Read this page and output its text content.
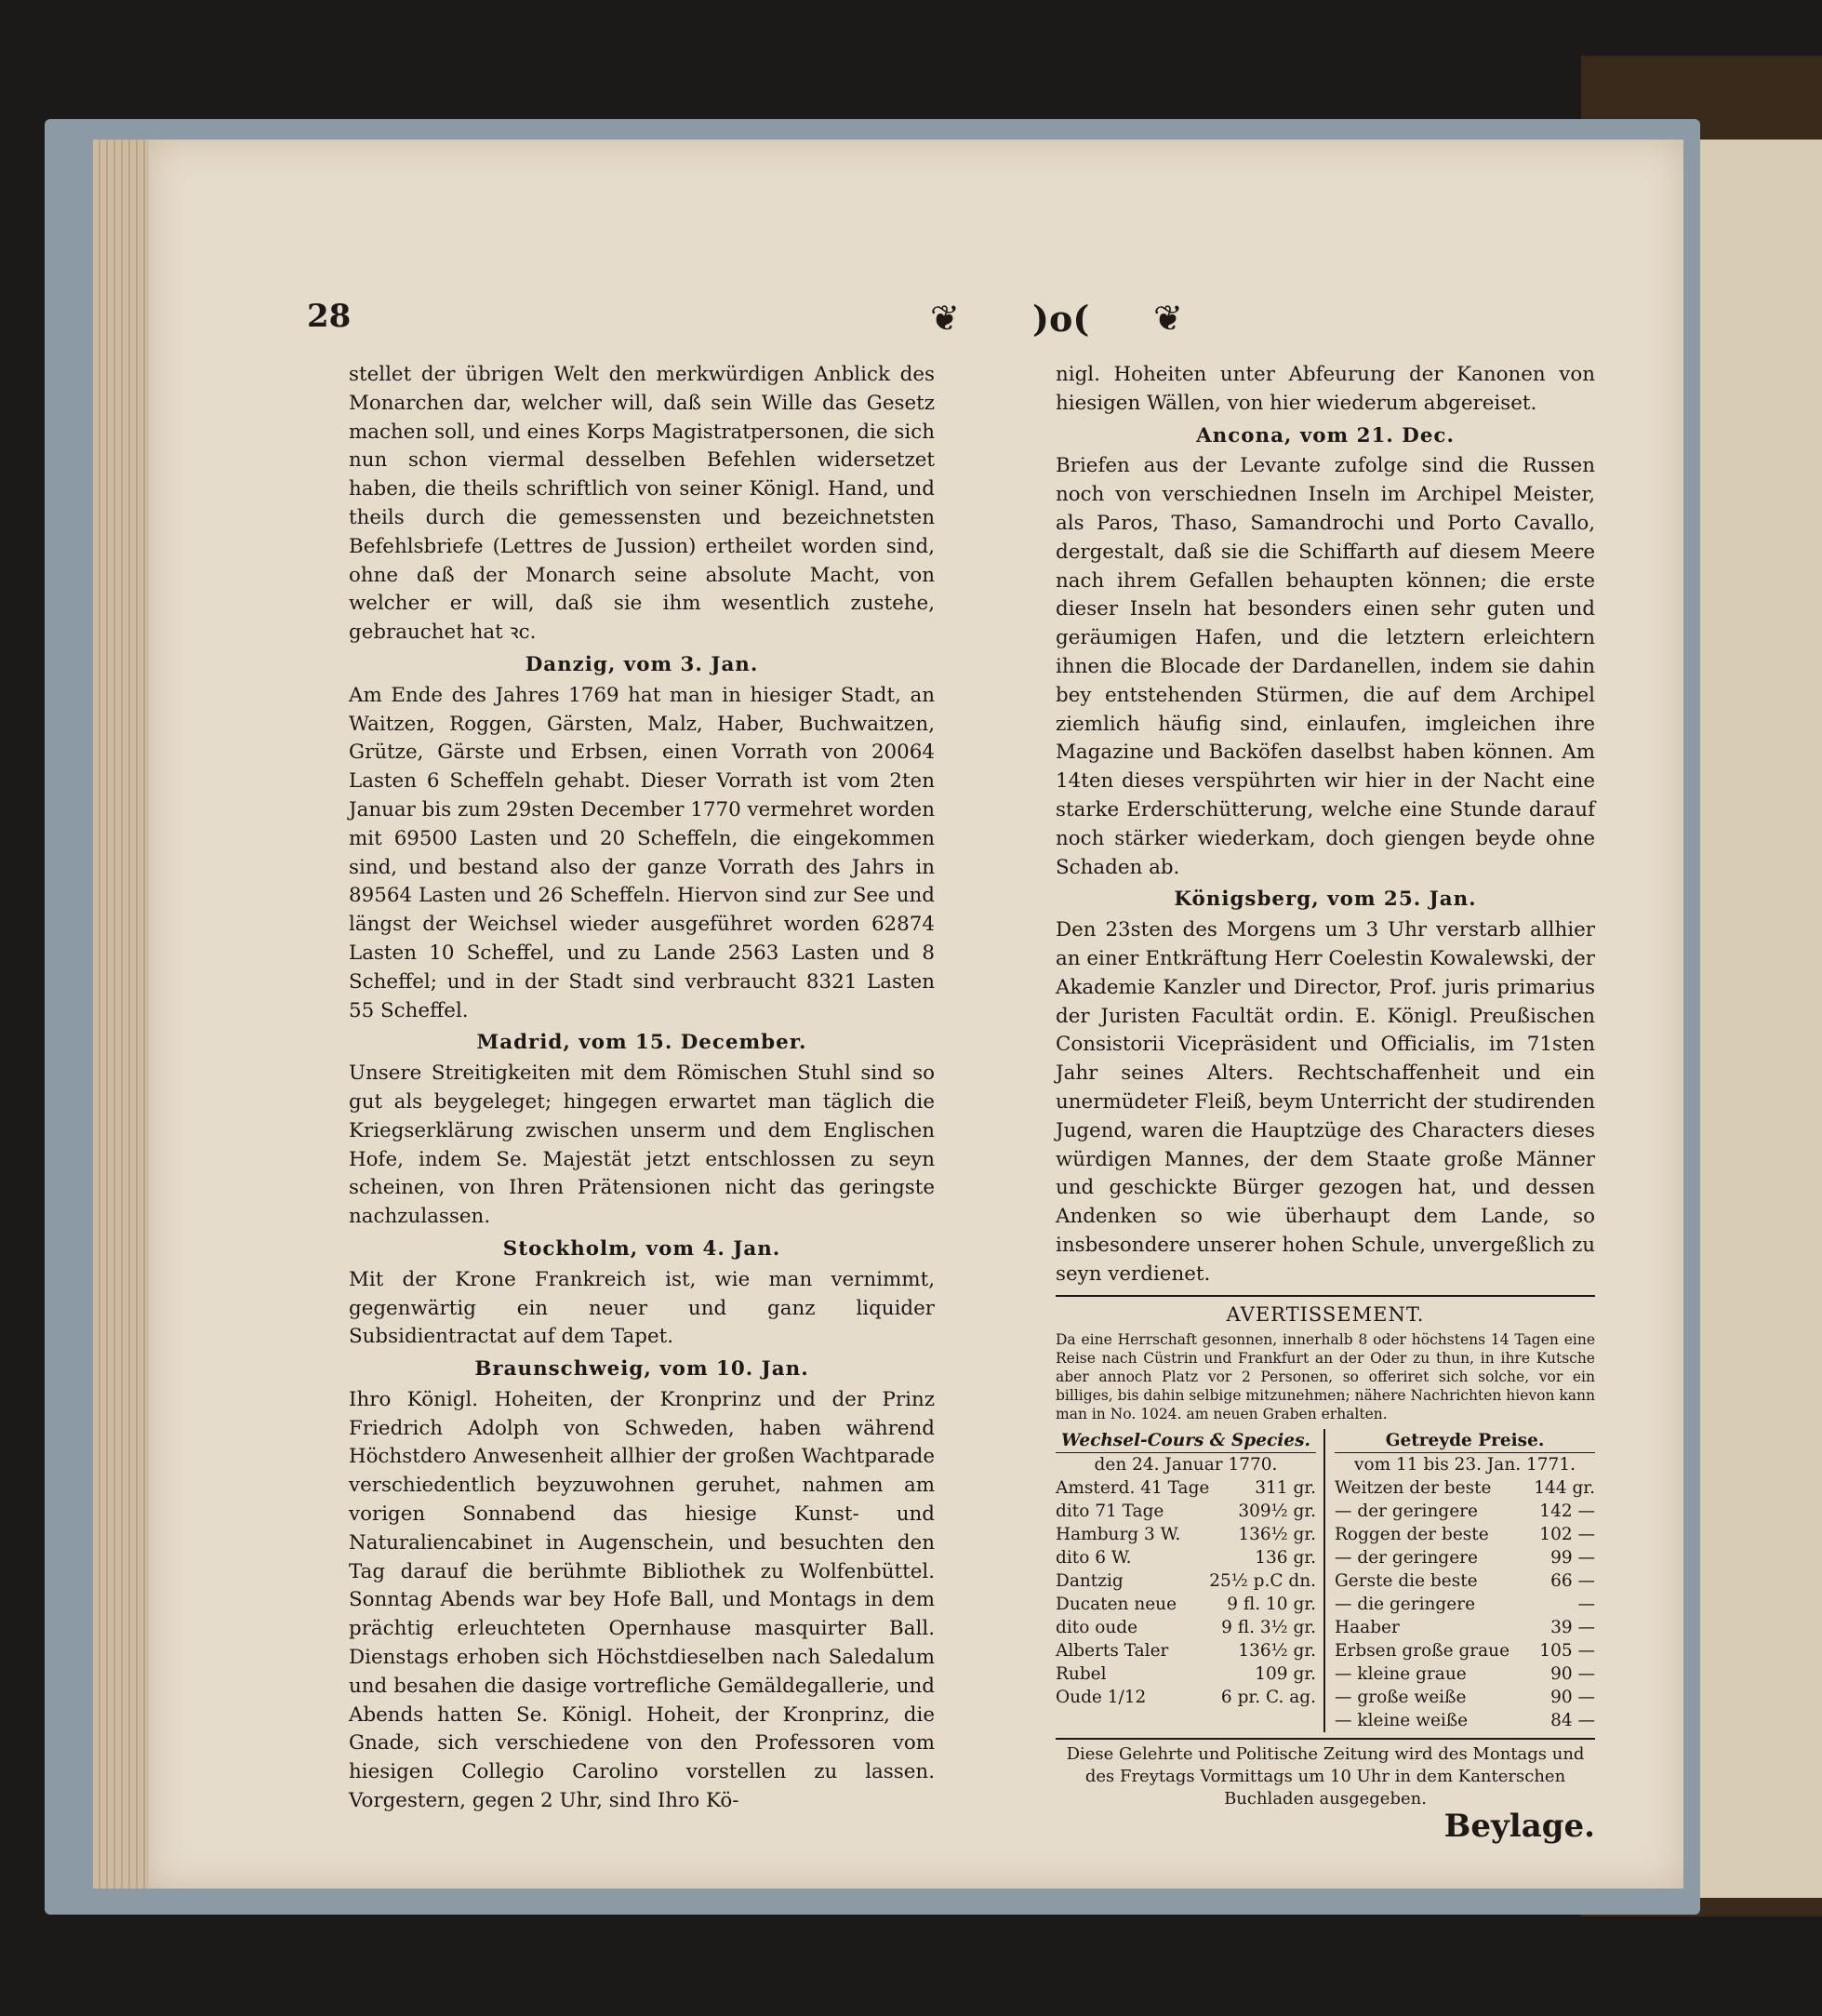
28	❦ )o( ❦

stellet der übrigen Welt den merkwürdigen Anblick des Monarchen dar, welcher will, daß sein Wille das Gesetz machen soll, und eines Korps Magistratpersonen, die sich nun schon viermal desselben Befehlen widersetzet haben, die theils schriftlich von seiner Königl. Hand, und theils durch die gemessensten und bezeichnetsten Befehlsbriefe (Lettres de Jussion) ertheilet worden sind, ohne daß der Monarch seine absolute Macht, von welcher er will, daß sie ihm wesentlich zustehe, gebrauchet hat ꝛc.

Danzig, vom 3. Jan.

Am Ende des Jahres 1769 hat man in hiesiger Stadt, an Waitzen, Roggen, Gärsten, Malz, Haber, Buchwaitzen, Grütze, Gärste und Erbsen, einen Vorrath von 20064 Lasten 6 Scheffeln gehabt. Dieser Vorrath ist vom 2ten Januar bis zum 29sten December 1770 vermehret worden mit 69500 Lasten und 20 Scheffeln, die eingekommen sind, und bestand also der ganze Vorrath des Jahrs in 89564 Lasten und 26 Scheffeln. Hiervon sind zur See und längst der Weichsel wieder ausgeführet worden 62874 Lasten 10 Scheffel, und zu Lande 2563 Lasten und 8 Scheffel; und in der Stadt sind verbraucht 8321 Lasten 55 Scheffel.

Madrid, vom 15. December.

Unsere Streitigkeiten mit dem Römischen Stuhl sind so gut als beygeleget; hingegen erwartet man täglich die Kriegserklärung zwischen unserm und dem Englischen Hofe, indem Se. Majestät jetzt entschlossen zu seyn scheinen, von Ihren Prätensionen nicht das geringste nachzulassen.

Stockholm, vom 4. Jan.

Mit der Krone Frankreich ist, wie man vernimmt, gegenwärtig ein neuer und ganz liquider Subsidientractat auf dem Tapet.

Braunschweig, vom 10. Jan.

Ihro Königl. Hoheiten, der Kronprinz und der Prinz Friedrich Adolph von Schweden, haben während Höchstdero Anwesenheit allhier der großen Wachtparade verschiedentlich beyzuwohnen geruhet, nahmen am vorigen Sonnabend das hiesige Kunst- und Naturaliencabinet in Augenschein, und besuchten den Tag darauf die berühmte Bibliothek zu Wolfenbüttel. Sonntag Abends war bey Hofe Ball, und Montags in dem prächtig erleuchteten Opernhause masquirter Ball. Dienstags erhoben sich Höchstdieselben nach Saledalum und besahen die dasige vortrefliche Gemäldegallerie, und Abends hatten Se. Königl. Hoheit, der Kronprinz, die Gnade, sich verschiedene von den Professoren vom hiesigen Collegio Carolino vorstellen zu lassen. Vorgestern, gegen 2 Uhr, sind Ihro Kö-

nigl. Hoheiten unter Abfeurung der Kanonen von hiesigen Wällen, von hier wiederum abgereiset.

Ancona, vom 21. Dec.

Briefen aus der Levante zufolge sind die Russen noch von verschiednen Inseln im Archipel Meister, als Paros, Thaso, Samandrochi und Porto Cavallo, dergestalt, daß sie die Schiffarth auf diesem Meere nach ihrem Gefallen behaupten können; die erste dieser Inseln hat besonders einen sehr guten und geräumigen Hafen, und die letztern erleichtern ihnen die Blocade der Dardanellen, indem sie dahin bey entstehenden Stürmen, die auf dem Archipel ziemlich häufig sind, einlaufen, imgleichen ihre Magazine und Backöfen daselbst haben können. Am 14ten dieses verspührten wir hier in der Nacht eine starke Erderschütterung, welche eine Stunde darauf noch stärker wiederkam, doch giengen beyde ohne Schaden ab.

Königsberg, vom 25. Jan.

Den 23sten des Morgens um 3 Uhr verstarb allhier an einer Entkräftung Herr Coelestin Kowalewski, der Akademie Kanzler und Director, Prof. juris primarius der Juristen Facultät ordin. E. Königl. Preußischen Consistorii Vicepräsident und Officialis, im 71sten Jahr seines Alters. Rechtschaffenheit und ein unermüdeter Fleiß, beym Unterricht der studirenden Jugend, waren die Hauptzüge des Characters dieses würdigen Mannes, der dem Staate große Männer und geschickte Bürger gezogen hat, und dessen Andenken so wie überhaupt dem Lande, so insbesondere unserer hohen Schule, unvergeßlich zu seyn verdienet.

AVERTISSEMENT.

Da eine Herrschaft gesonnen, innerhalb 8 oder höchstens 14 Tagen eine Reise nach Cüstrin und Frankfurt an der Oder zu thun, in ihre Kutsche aber annoch Platz vor 2 Personen, so offeriret sich solche, vor ein billiges, bis dahin selbige mitzunehmen; nähere Nachrichten hievon kann man in No. 1024. am neuen Graben erhalten.

Wechsel-Cours & Species.
den 24. Januar 1770.
Amsterd. 41 Tage	311 gr.
dito 71 Tage	309½ gr.
Hamburg 3 W.	136½ gr.
dito 6 W.	136 gr.
Dantzig	25½ p.C dn.
Ducaten neue	9 fl. 10 gr.
dito oude	9 fl. 3½ gr.
Alberts Taler	136½ gr.
Rubel	109 gr.
Oude 1/12	6 pr. C. ag.
Getreyde Preise.
vom 11 bis 23. Jan. 1771.
Weitzen der beste 144 gr.
— der geringere	142 —
Roggen der beste	102 —
— der geringere	99 —
Gerste die beste	66 —
— die geringere	—
Haaber	39 —
Erbsen große graue 105 —
— kleine graue	90 —
— große weiße	90 —
— kleine weiße	84 —
Diese Gelehrte und Politische Zeitung wird des Montags und des Freytags Vormittags um 10 Uhr in dem Kanterschen Buchladen ausgegeben.
Beylage.
